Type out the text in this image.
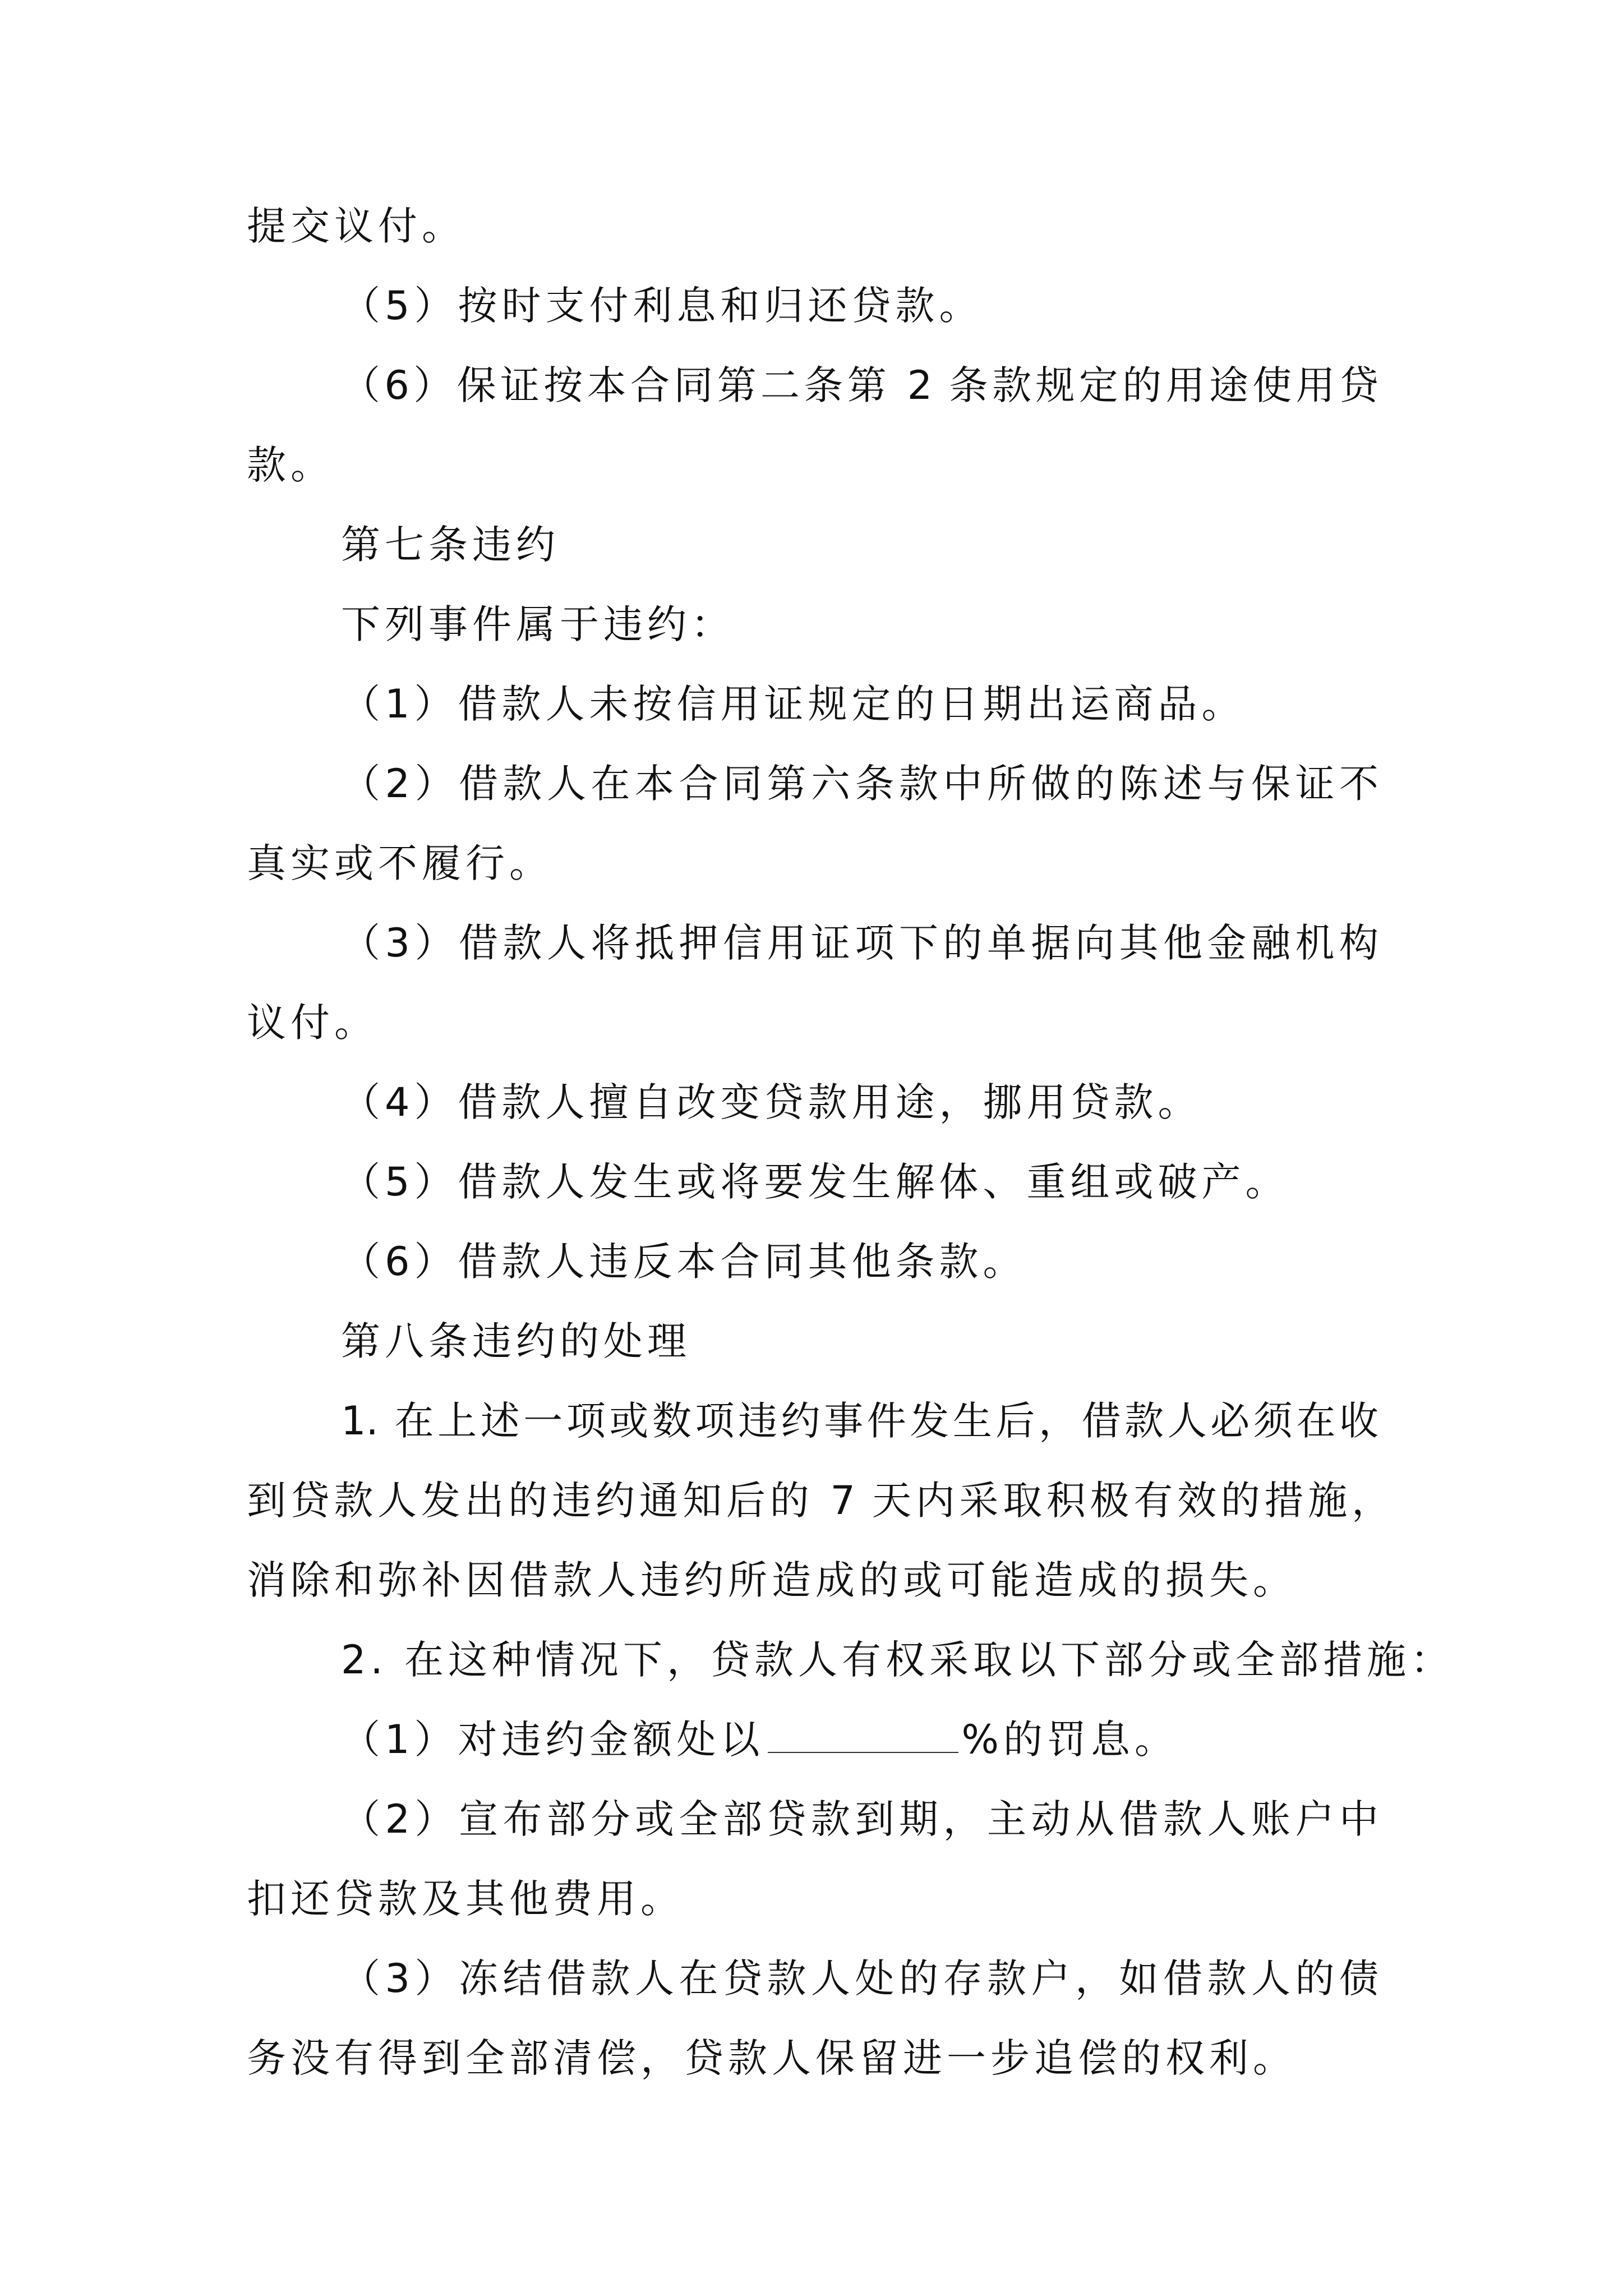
提交议付。
（5）按时支付利息和归还贷款。
（6）保证按本合同第二条第 2 条款规定的用途使用贷
款。
第七条违约
下列事件属于违约：
（1）借款人未按信用证规定的日期出运商品。
（2）借款人在本合同第六条款中所做的陈述与保证不
真实或不履行。
（3）借款人将抵押信用证项下的单据向其他金融机构
议付。
（4）借款人擅自改变贷款用途，挪用贷款。
（5）借款人发生或将要发生解体、重组或破产。
（6）借款人违反本合同其他条款。
第八条违约的处理
1. 在上述一项或数项违约事件发生后，借款人必须在收
到贷款人发出的违约通知后的 7 天内采取积极有效的措施，
消除和弥补因借款人违约所造成的或可能造成的损失。
2. 在这种情况下，贷款人有权采取以下部分或全部措施：
（1）对违约金额处以	%的罚息。
（2）宣布部分或全部贷款到期，主动从借款人账户中
扣还贷款及其他费用。
（3）冻结借款人在贷款人处的存款户，如借款人的债
务没有得到全部清偿，贷款人保留进一步追偿的权利。
